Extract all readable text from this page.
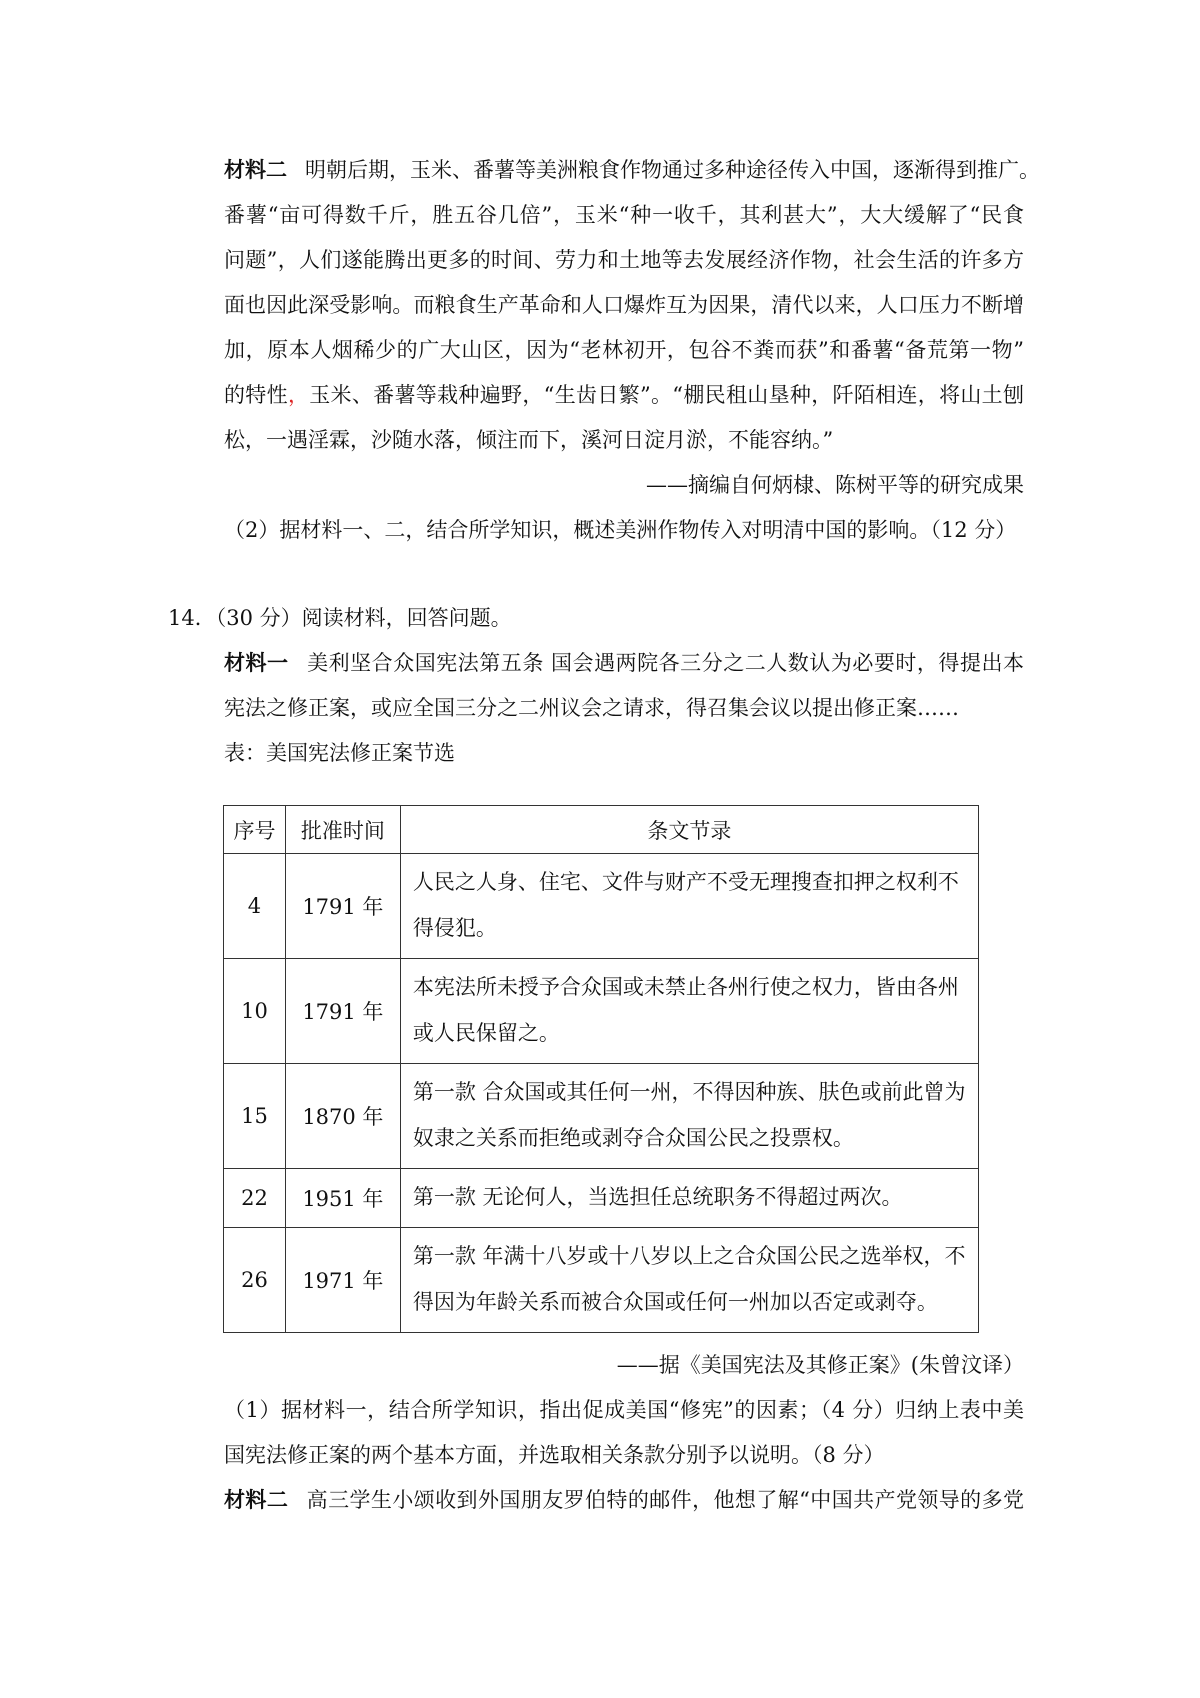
材料二 明朝后期，玉米、番薯等美洲粮食作物通过多种途径传入中国，逐渐得到推广。
番薯“亩可得数千斤，胜五谷几倍”，玉米“种一收千，其利甚大”，大大缓解了“民食
问题”，人们遂能腾出更多的时间、劳力和土地等去发展经济作物，社会生活的许多方
面也因此深受影响。而粮食生产革命和人口爆炸互为因果，清代以来，人口压力不断增
加，原本人烟稀少的广大山区，因为“老林初开，包谷不粪而获”和番薯“备荒第一物”
的特性，玉米、番薯等栽种遍野，“生齿日繁”。“棚民租山垦种，阡陌相连，将山土刨
松，一遇淫霖，沙随水落，倾注而下，溪河日淀月淤，不能容纳。”
——摘编自何炳棣、陈树平等的研究成果
（2）据材料一、二，结合所学知识，概述美洲作物传入对明清中国的影响。（12 分）
14．（30 分）阅读材料，回答问题。
材料一 美利坚合众国宪法第五条 国会遇两院各三分之二人数认为必要时，得提出本
宪法之修正案，或应全国三分之二州议会之请求，得召集会议以提出修正案……
表：美国宪法修正案节选
序号	批准时间	条文节录
4	1791 年	人民之人身、住宅、文件与财产不受无理搜查扣押之权利不得侵犯。
10	1791 年	本宪法所未授予合众国或未禁止各州行使之权力，皆由各州或人民保留之。
15	1870 年	第一款 合众国或其任何一州，不得因种族、肤色或前此曾为奴隶之关系而拒绝或剥夺合众国公民之投票权。
22	1951 年	第一款 无论何人，当选担任总统职务不得超过两次。
26	1971 年	第一款 年满十八岁或十八岁以上之合众国公民之选举权，不得因为年龄关系而被合众国或任何一州加以否定或剥夺。
——据《美国宪法及其修正案》(朱曾汶译）
（1）据材料一，结合所学知识，指出促成美国“修宪”的因素；（4 分）归纳上表中美
国宪法修正案的两个基本方面，并选取相关条款分别予以说明。（8 分）
材料二 高三学生小颂收到外国朋友罗伯特的邮件，他想了解“中国共产党领导的多党
